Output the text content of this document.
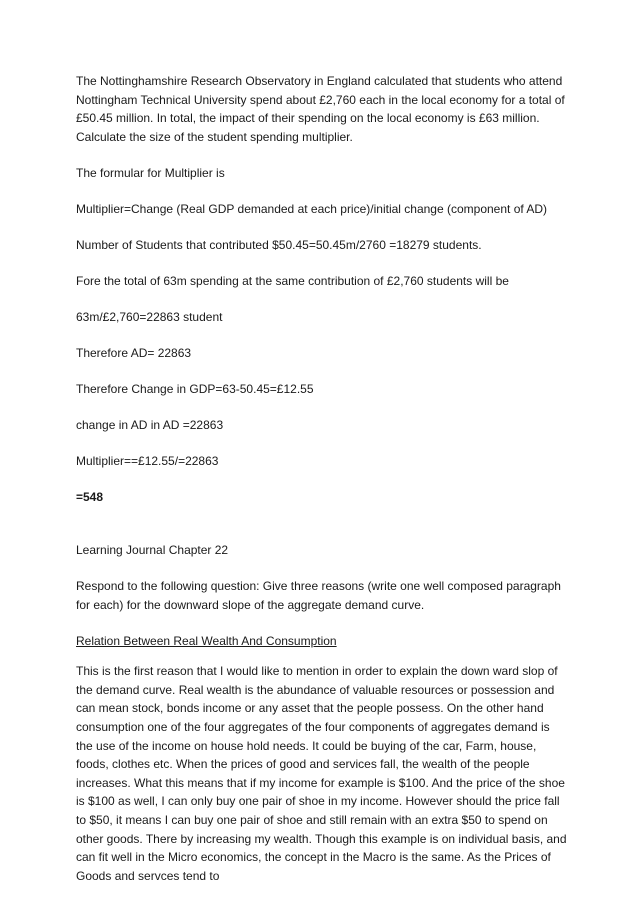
The Nottinghamshire Research Observatory in England calculated that students who attend Nottingham Technical University spend about £2,760 each in the local economy for a total of £50.45 million. In total, the impact of their spending on the local economy is £63 million. Calculate the size of the student spending multiplier.

The formular for Multiplier is

Multiplier=Change (Real GDP demanded at each price)/initial change (component of AD)

Number of Students that contributed $50.45=50.45m/2760 =18279 students.

Fore the total of 63m spending at the same contribution of £2,760 students will be

63m/£2,760=22863 student

Therefore AD= 22863

Therefore Change in GDP=63-50.45=£12.55

change in AD in AD =22863

Multiplier==£12.55/=22863

=548

Learning Journal Chapter 22

Respond to the following question: Give three reasons (write one well composed paragraph for each) for the downward slope of the aggregate demand curve.

Relation Between Real Wealth And Consumption

This is the first reason that I would like to mention in order to explain the down ward slop of the demand curve. Real wealth is the abundance of valuable resources or possession and can mean stock, bonds income or any asset that the people possess. On the other hand consumption one of the four aggregates of the four components of aggregates demand is the use of the income on house hold needs. It could be buying of the car, Farm, house, foods, clothes etc. When the prices of good and services fall, the wealth of the people increases. What this means that if my income for example is $100. And the price of the shoe is $100 as well, I can only buy one pair of shoe in my income. However should the price fall to $50, it means I can buy one pair of shoe and still remain with an extra $50 to spend on other goods. There by increasing my wealth. Though this example is on individual basis, and can fit well in the Micro economics, the concept in the Macro is the same. As the Prices of Goods and servces tend to
